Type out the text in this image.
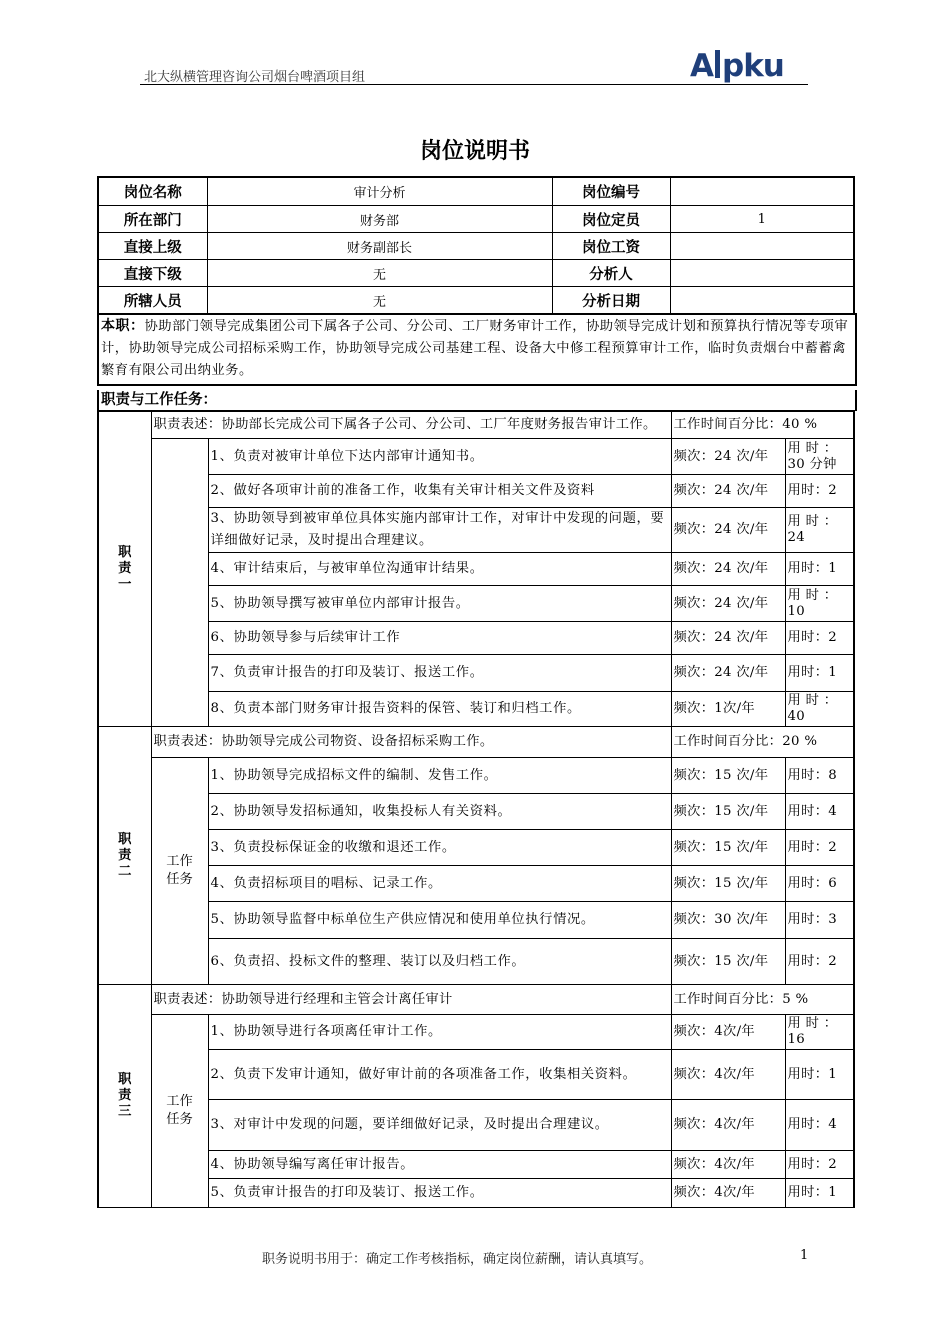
北大纵横管理咨询公司烟台啤酒项目组	A pku
岗位说明书
岗位名称	审计分析	岗位编号	
所在部门	财务部	岗位定员	1
直接上级	财务副部长	岗位工资	
直接下级	无	分析人	
所辖人员	无	分析日期	
本职：协助部门领导完成集团公司下属各子公司、分公司、工厂财务审计工作，协助领导完成计划和预算执行情况等专项审计，协助领导完成公司招标采购工作，协助领导完成公司基建工程、设备大中修工程预算审计工作，临时负责烟台中蓄蓄禽繁育有限公司出纳业务。
职责与工作任务：
职责一	职责表述：协助部长完成公司下属各子公司、分公司、工厂年度财务报告审计工作。		工作时间百分比：40 %	
		1、负责对被审计单位下达内部审计通知书。	频次：24 次/年	用 时 ：30 分钟
		2、做好各项审计前的准备工作，收集有关审计相关文件及资料	频次：24 次/年	用时：2
		3、协助领导到被审单位具体实施内部审计工作，对审计中发现的问题，要详细做好记录，及时提出合理建议。	频次：24 次/年	用 时 ：24
		4、审计结束后，与被审单位沟通审计结果。	频次：24 次/年	用时：1
		5、协助领导撰写被审单位内部审计报告。	频次：24 次/年	用 时 ：10
		6、协助领导参与后续审计工作	频次：24 次/年	用时：2
		7、负责审计报告的打印及装订、报送工作。	频次：24 次/年	用时：1
		8、负责本部门财务审计报告资料的保管、装订和归档工作。	频次：1次/年	用 时 ：40
职责二	职责表述：协助领导完成公司物资、设备招标采购工作。		工作时间百分比：20 %	
	工作任务	1、协助领导完成招标文件的编制、发售工作。	频次：15 次/年	用时：8
		2、协助领导发招标通知，收集投标人有关资料。	频次：15 次/年	用时：4
		3、负责投标保证金的收缴和退还工作。	频次：15 次/年	用时：2
		4、负责招标项目的唱标、记录工作。	频次：15 次/年	用时：6
		5、协助领导监督中标单位生产供应情况和使用单位执行情况。	频次：30 次/年	用时：3
		6、负责招、投标文件的整理、装订以及归档工作。	频次：15 次/年	用时：2
职责三	职责表述：协助领导进行经理和主管会计离任审计		工作时间百分比：5 %	
	工作任务	1、协助领导进行各项离任审计工作。	频次：4次/年	用 时 ：16
		2、负责下发审计通知，做好审计前的各项准备工作，收集相关资料。	频次：4次/年	用时：1
		3、对审计中发现的问题，要详细做好记录，及时提出合理建议。	频次：4次/年	用时：4
		4、协助领导编写离任审计报告。	频次：4次/年	用时：2
		5、负责审计报告的打印及装订、报送工作。	频次：4次/年	用时：1
职务说明书用于：确定工作考核指标，确定岗位薪酬，请认真填写。	1
